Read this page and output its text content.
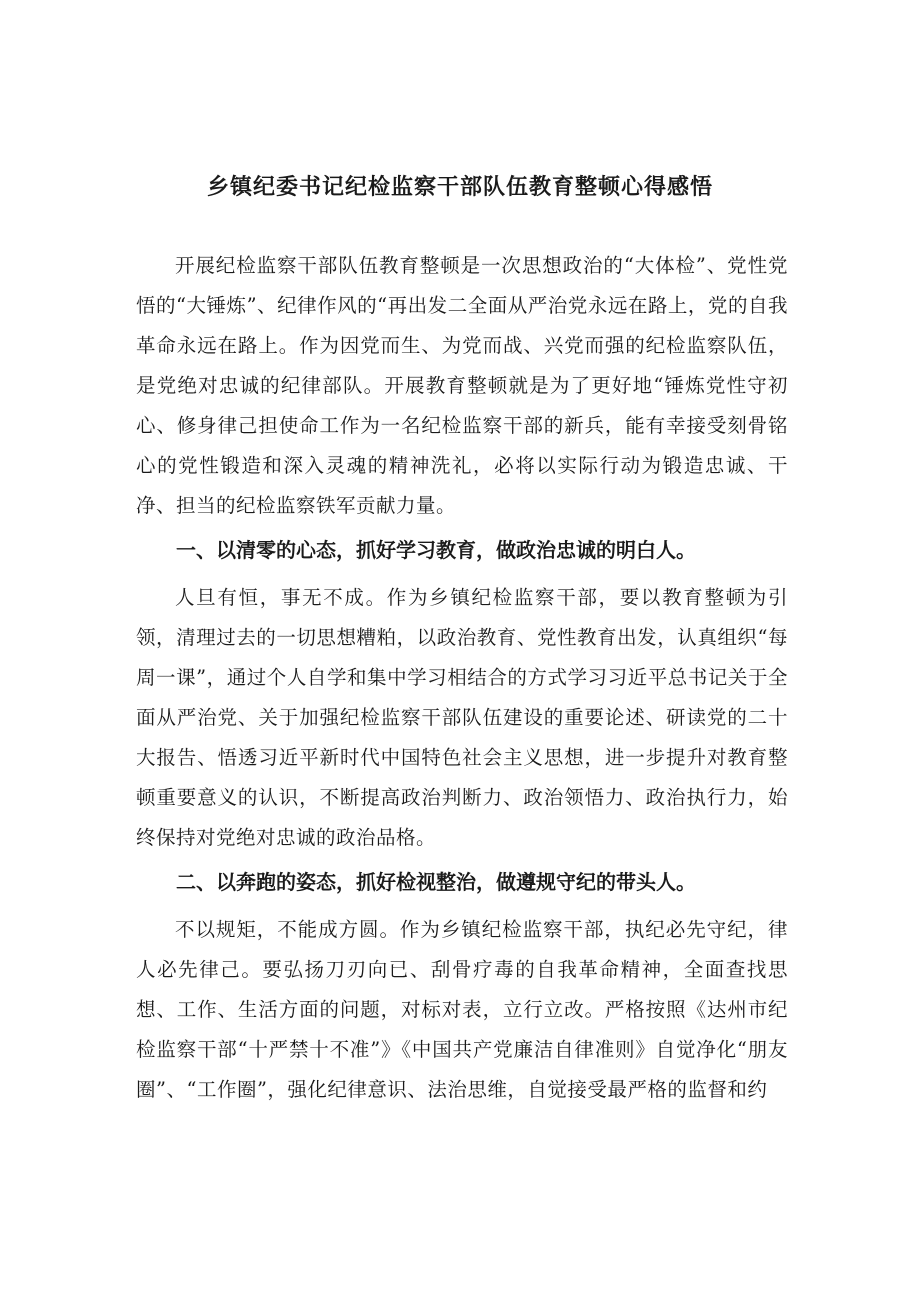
乡镇纪委书记纪检监察干部队伍教育整顿心得感悟

开展纪检监察干部队伍教育整顿是一次思想政治的“大体检”、党性党悟的“大锤炼”、纪律作风的“再出发二全面从严治党永远在路上，党的自我革命永远在路上。作为因党而生、为党而战、兴党而强的纪检监察队伍，是党绝对忠诚的纪律部队。开展教育整顿就是为了更好地“锤炼党性守初心、修身律己担使命工作为一名纪检监察干部的新兵，能有幸接受刻骨铭心的党性锻造和深入灵魂的精神洗礼，必将以实际行动为锻造忠诚、干净、担当的纪检监察铁军贡献力量。

一、以清零的心态，抓好学习教育，做政治忠诚的明白人。

人旦有恒，事无不成。作为乡镇纪检监察干部，要以教育整顿为引领，清理过去的一切思想糟粕，以政治教育、党性教育出发，认真组织“每周一课”，通过个人自学和集中学习相结合的方式学习习近平总书记关于全面从严治党、关于加强纪检监察干部队伍建设的重要论述、研读党的二十大报告、悟透习近平新时代中国特色社会主义思想，进一步提升对教育整顿重要意义的认识，不断提高政治判断力、政治领悟力、政治执行力，始终保持对党绝对忠诚的政治品格。

二、以奔跑的姿态，抓好检视整治，做遵规守纪的带头人。

不以规矩，不能成方圆。作为乡镇纪检监察干部，执纪必先守纪，律人必先律己。要弘扬刀刃向已、刮骨疗毒的自我革命精神，全面查找思想、工作、生活方面的问题，对标对表，立行立改。严格按照《达州市纪检监察干部“十严禁十不准”》《中国共产党廉洁自律准则》自觉净化“朋友圈”、“工作圈”，强化纪律意识、法治思维，自觉接受最严格的监督和约
